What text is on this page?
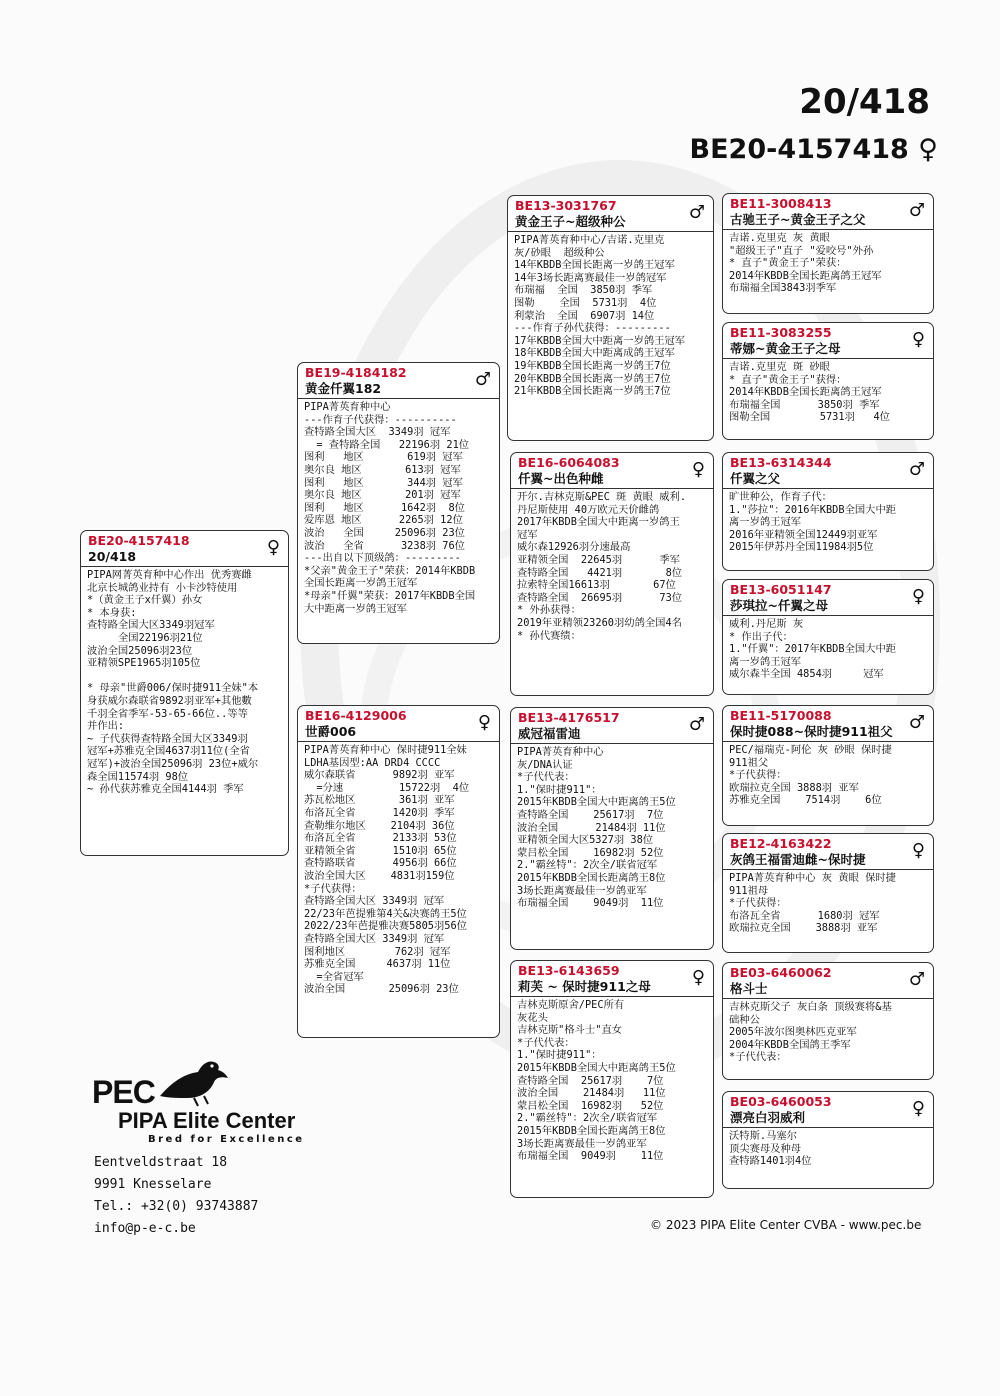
20/418
BE20-4157418 ♀
BE20-4157418
20/418	♀
PIPA网菁英育种中心作出 优秀赛雌
北京长城鸽业持有 小卡沙特使用
*（黄金王子x仟翼）孙女
* 本身获:
查特路全国大区3349羽冠军
全国22196羽21位
波治全国25096羽23位
亚精领SPE1965羽105位

* 母亲"世爵006/保时捷911全妹"本
身获威尔森联省9892羽亚军+其他數
千羽全省季军-53-65-66位..等等
并作出:
~ 子代获得查特路全国大区3349羽
冠军+苏雅克全国4637羽11位(全省
冠军)+波治全国25096羽 23位+威尔
森全国11574羽 98位
~ 孙代获苏雅克全国4144羽 季军
BE19-4184182
黄金仟翼182	♂
PIPA菁英育种中心
---作育子代获得：----------
查特路全国大区  3349羽 冠军
= 查特路全国   22196羽 21位
图利   地区       619羽 冠军
奥尔良 地区       613羽 冠军
图利   地区       344羽 冠军
奥尔良 地区       201羽 冠军
图利   地区      1642羽  8位
爱库恩 地区      2265羽 12位
波治   全国     25096羽 23位
波治   全省      3238羽 76位
---出自以下顶级鸽：---------
*父亲"黄金王子"荣获：2014年KBDB
全国长距离一岁鸽王冠军
*母亲"仟翼"荣获：2017年KBDB全国
大中距离一岁鸽王冠军
BE16-4129006
世爵006	♀
PIPA菁英育种中心 保时捷911全妹
LDHA基因型:AA DRD4 CCCC
威尔森联省      9892羽 亚军
=分速         15722羽  4位
苏瓦松地区       361羽 亚军
布洛瓦全省      1420羽 季军
查勒维尔地区    2104羽 36位
布洛瓦全省      2133羽 53位
亚精领全省      1510羽 65位
查特路联省      4956羽 66位
波治全国大区    4831羽159位
*子代获得：
查特路全国大区 3349羽 冠军
22/23年芭提雅第4关&决赛鸽王5位
2022/23年芭提雅决赛5805羽56位
查特路全国大区 3349羽 冠军
图利地区        762羽 冠军
苏雅克全国     4637羽 11位
=全省冠军
波治全国       25096羽 23位
BE13-3031767
黄金王子~超级种公	♂
PIPA菁英育种中心/吉诺.克里克
灰/砂眼  超级种公
14年KBDB全国长距离一岁鸽王冠军
14年3场长距离赛最佳一岁鸽冠军
布瑞福  全国  3850羽 季军
图勒    全国  5731羽  4位
利蒙治  全国  6907羽 14位
---作育子孙代获得：---------
17年KBDB全国大中距离一岁鸽王冠军
18年KBDB全国大中距离成鸽王冠军
19年KBDB全国长距离一岁鸽王7位
20年KBDB全国长距离一岁鸽王7位
21年KBDB全国长距离一岁鸽王7位
BE16-6064083
仟翼~出色种雌	♀
开尔.吉林克斯&PEC 斑 黄眼 威利.
丹尼斯使用 40万欧元天价雌鸽
2017年KBDB全国大中距离一岁鸽王
冠军
威尔森12926羽分速最高
亚精领全国  22645羽      季军
查特路全国   4421羽       8位
拉索特全国16613羽       67位
查特路全国  26695羽      73位
* 外孙获得：
2019年亚精领23260羽幼鸽全国4名
* 孙代赛绩：
BE13-4176517
威冠福雷迪	♂
PIPA菁英育种中心
灰/DNA认证
*子代代表：
1."保时捷911"：
2015年KBDB全国大中距离鸽王5位
查特路全国    25617羽  7位
波治全国      21484羽 11位
亚精领全国大区5327羽 38位
蒙吕松全国    16982羽 52位
2."霸丝特"：2次全/联省冠军
2015年KBDB全国长距离鸽王8位
3场长距离赛最佳一岁鸽亚军
布瑞福全国    9049羽  11位
BE13-6143659
莉芙 ~ 保时捷911之母	♀
吉林克斯原舍/PEC所有
灰花头
吉林克斯"格斗士"直女
*子代代表：
1."保时捷911"：
2015年KBDB全国大中距离鸽王5位
查特路全国  25617羽    7位
波治全国    21484羽   11位
蒙吕松全国  16982羽   52位
2."霸丝特"：2次全/联省冠军
2015年KBDB全国长距离鸽王8位
3场长距离赛最佳一岁鸽亚军
布瑞福全国  9049羽    11位
BE11-3008413
古驰王子~黄金王子之父	♂
吉诺.克里克 灰 黄眼
"超级王子"直子 "爱咬号"外孙
* 直子"黄金王子"荣获：
2014年KBDB全国长距离鸽王冠军
布瑞福全国3843羽季军
BE11-3083255
蒂娜~黄金王子之母	♀
吉诺.克里克 斑 砂眼
* 直子"黄金王子"获得：
2014年KBDB全国长距离鸽王冠军
布瑞福全国      3850羽 季军
图勒全国        5731羽   4位
BE13-6314344
仟翼之父	♂
旷世种公，作育子代：
1."莎拉"：2016年KBDB全国大中距
离一岁鸽王冠军
2016年亚精领全国12449羽亚军
2015年伊苏丹全国11984羽5位
BE13-6051147
莎琪拉~仟翼之母	♀
威利.丹尼斯 灰
* 作出子代：
1."仟翼"：2017年KBDB全国大中距
离一岁鸽王冠军
威尔森半全国 4854羽     冠军
BE11-5170088
保时捷088~保时捷911祖父 ♂
PEC/福瑞克-阿伦 灰 砂眼 保时捷
911祖父
*子代获得：
欧瑞拉克全国 3888羽 亚军
苏雅克全国    7514羽    6位
BE12-4163422
灰鸽王福雷迪雌~保时捷	♀
PIPA菁英育种中心 灰 黄眼 保时捷
911祖母
*子代获得：
布洛瓦全省      1680羽 冠军
欧瑞拉克全国    3888羽 亚军
BE03-6460062
格斗士	♂
吉林克斯父子 灰白条 顶级赛将&基
础种公
2005年波尔图奥林匹克亚军
2004年KBDB全国鸽王季军
*子代代表：
BE03-6460053
漂亮白羽威利	♀
沃特斯.马塞尔
顶尖赛母及种母
查特路1401羽4位
PEC
PIPA Elite Center
Bred for Excellence
Eentveldstraat 18
9991 Knesselare
Tel.: +32(0) 93743887
info@p-e-c.be	© 2023 PIPA Elite Center CVBA - www.pec.be
